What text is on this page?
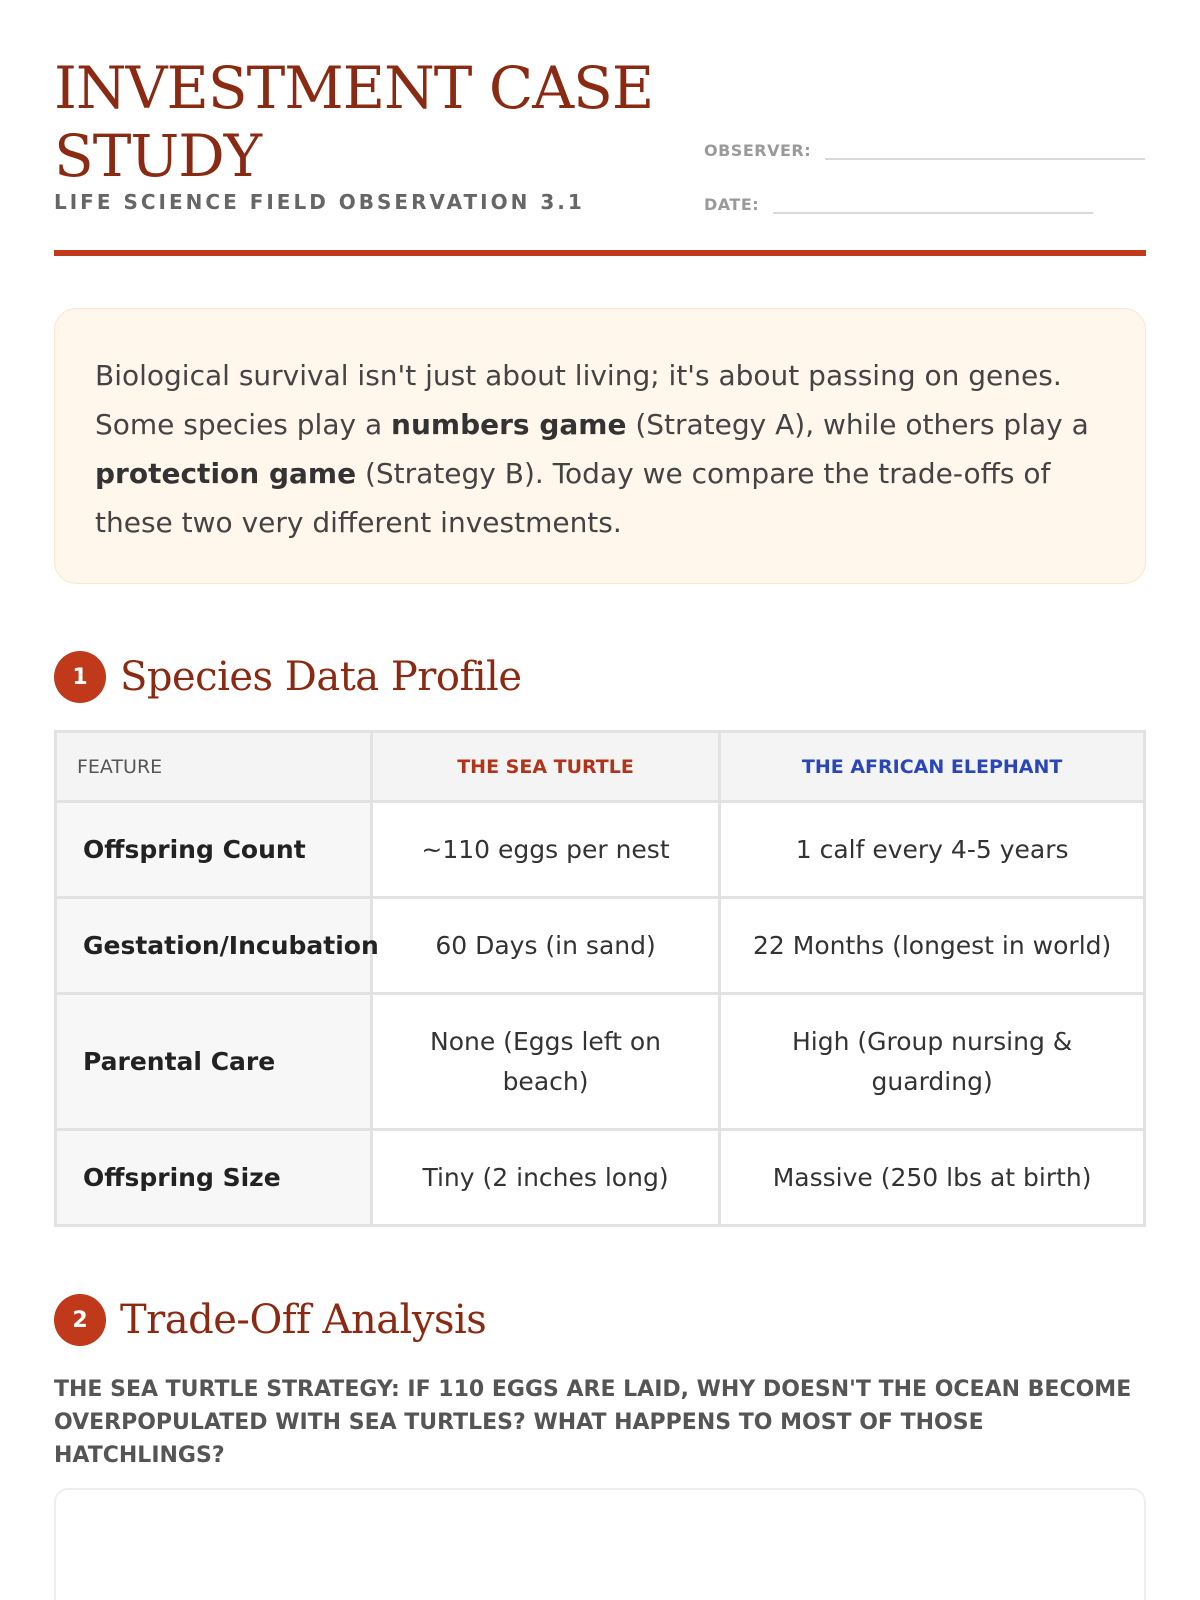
INVESTMENT CASE STUDY
LIFE SCIENCE FIELD OBSERVATION 3.1
OBSERVER:
DATE:
Biological survival isn't just about living; it's about passing on genes. Some species play a numbers game (Strategy A), while others play a protection game (Strategy B). Today we compare the trade-offs of these two very different investments.
1 Species Data Profile
FEATURE	THE SEA TURTLE	THE AFRICAN ELEPHANT
Offspring Count	~110 eggs per nest	1 calf every 4-5 years
Gestation/Incubation	60 Days (in sand)	22 Months (longest in world)
Parental Care	None (Eggs left on beach)	High (Group nursing & guarding)
Offspring Size	Tiny (2 inches long)	Massive (250 lbs at birth)
2 Trade-Off Analysis
THE SEA TURTLE STRATEGY: IF 110 EGGS ARE LAID, WHY DOESN'T THE OCEAN BECOME OVERPOPULATED WITH SEA TURTLES? WHAT HAPPENS TO MOST OF THOSE HATCHLINGS?
